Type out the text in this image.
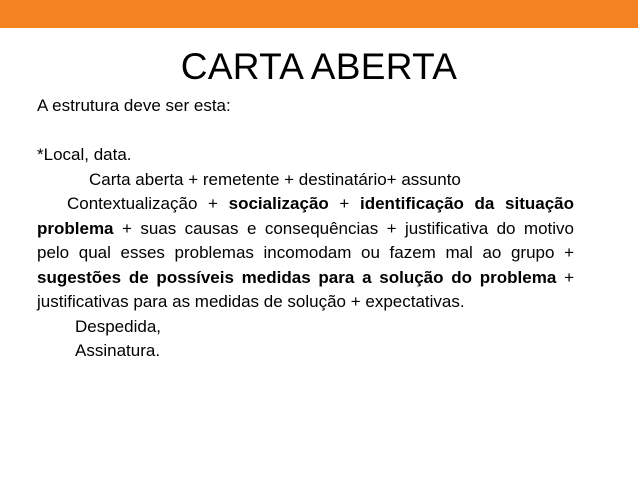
CARTA ABERTA
A estrutura deve ser esta:
*Local, data.
Carta aberta + remetente + destinatário+ assunto
Contextualização + socialização + identificação da situação problema + suas causas e consequências + justificativa do motivo pelo qual esses problemas incomodam ou fazem mal ao grupo + sugestões de possíveis medidas para a solução do problema + justificativas para as medidas de solução + expectativas.
Despedida,
Assinatura.
